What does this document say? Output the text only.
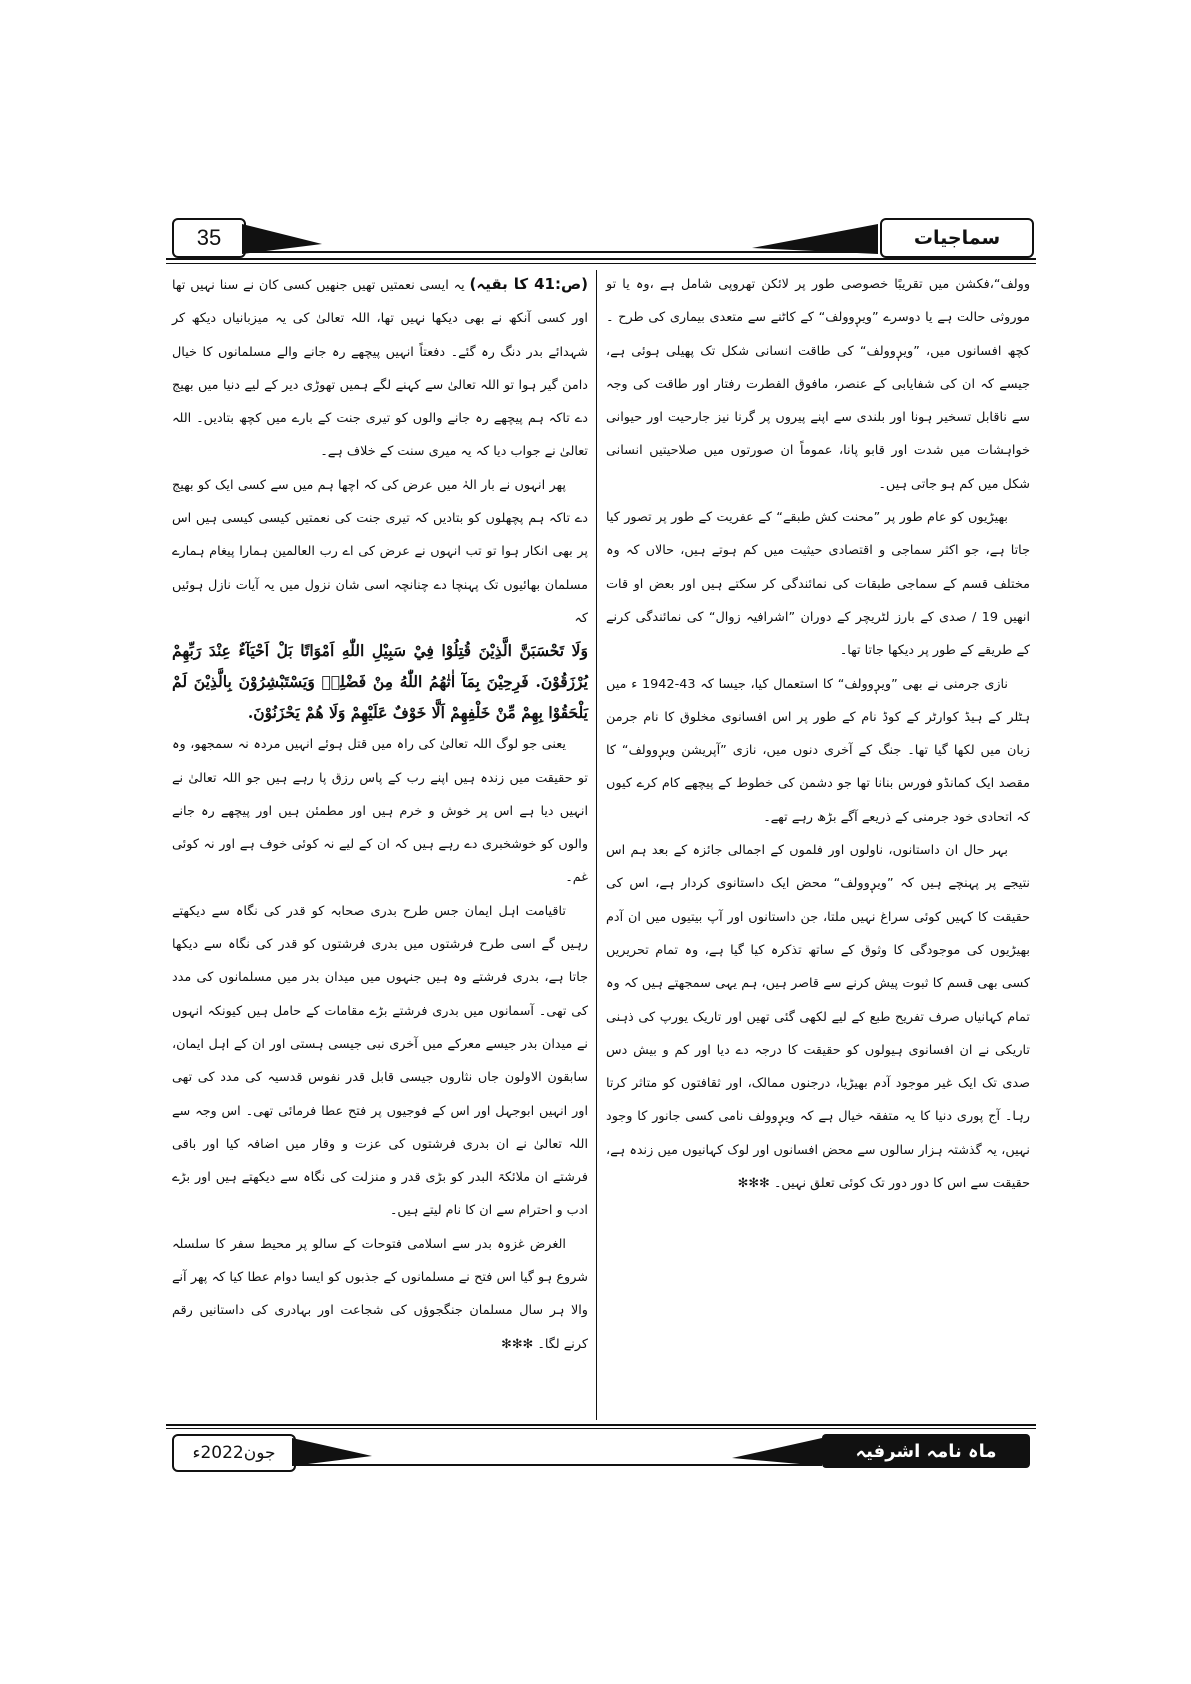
35	سماجیات

وولف“،فکشن میں تقریبًا خصوصی طور پر لائکن تھروپی شامل ہے ،وہ یا تو موروثی حالت ہے یا دوسرے ”ویرٖوولف“ کے کاٹنے سے متعدی بیماری کی طرح ۔کچھ افسانوں میں، ”ویرٖوولف“ کی طاقت انسانی شکل تک پھیلی ہوئی ہے، جیسے کہ ان کی شفایابی کے عنصر، مافوق الفطرت رفتار اور طاقت کی وجہ سے ناقابل تسخیر ہونا اور بلندی سے اپنے پیروں پر گرنا نیز جارحیت اور حیوانی خواہشات میں شدت اور قابو پانا، عموماً ان صورتوں میں صلاحیتیں انسانی شکل میں کم ہو جاتی ہیں۔

بھیڑیوں کو عام طور پر ”محنت کش طبقے“ کے عفریت کے طور پر تصور کیا جاتا ہے، جو اکثر سماجی و اقتصادی حیثیت میں کم ہوتے ہیں، حالاں کہ وہ مختلف قسم کے سماجی طبقات کی نمائندگی کر سکتے ہیں اور بعض او قات انھیں 19 / صدی کے بارز لٹریچر کے دوران ”اشرافیہ زوال“ کی نمائندگی کرنے کے طریقے کے طور پر دیکھا جاتا تھا۔

نازی جرمنی نے بھی ”ویرٖوولف“ کا استعمال کیا، جیسا کہ 43-1942 ء میں ہٹلر کے ہیڈ کوارٹر کے کوڈ نام کے طور پر اس افسانوی مخلوق کا نام جرمن زبان میں لکھا گیا تھا۔ جنگ کے آخری دنوں میں، نازی ”آپریشن ویرٖوولف“ کا مقصد ایک کمانڈو فورس بنانا تھا جو دشمن کی خطوط کے پیچھے کام کرے کیوں کہ اتحادی خود جرمنی کے ذریعے آگے بڑھ رہے تھے۔

بہر حال ان داستانوں، ناولوں اور فلموں کے اجمالی جائزہ کے بعد ہم اس نتیجے پر پہنچے ہیں کہ ”ویرٖوولف“ محض ایک داستانوی کردار ہے، اس کی حقیقت کا کہیں کوئی سراغ نہیں ملتا، جن داستانوں اور آپ بیتیوں میں ان آدم بھیڑیوں کی موجودگی کا وثوق کے ساتھ تذکرہ کیا گیا ہے، وہ تمام تحریریں کسی بھی قسم کا ثبوت پیش کرنے سے قاصر ہیں، ہم یہی سمجھتے ہیں کہ وہ تمام کہانیاں صرف تفریح طبع کے لیے لکھی گئی تھیں اور تاریک یورپ کی ذہنی تاریکی نے ان افسانوی ہیولوں کو حقیقت کا درجہ دے دیا اور کم و بیش دس صدی تک ایک غیر موجود آدم بھیڑیا، درجنوں ممالک، اور ثقافتوں کو متاثر کرتا رہا۔ آج پوری دنیا کا یہ متفقہ خیال ہے کہ ویرٖوولف نامی کسی جانور کا وجود نہیں، یہ گذشتہ ہزار سالوں سے محض افسانوں اور لوک کہانیوں میں زندہ ہے، حقیقت سے اس کا دور دور تک کوئی تعلق نہیں۔ ✻✻✻

(ص:41 کا بقیہ) یہ ایسی نعمتیں تھیں جنھیں کسی کان نے سنا نہیں تھا اور کسی آنکھ نے بھی دیکھا نہیں تھا، اللہ تعالیٰ کی یہ میزبانیاں دیکھ کر شہدائے بدر دنگ رہ گئے۔ دفعتاً انہیں پیچھے رہ جانے والے مسلمانوں کا خیال دامن گیر ہوا تو اللہ تعالیٰ سے کہنے لگے ہمیں تھوڑی دیر کے لیے دنیا میں بھیج دے تاکہ ہم پیچھے رہ جانے والوں کو تیری جنت کے بارے میں کچھ بتادیں۔ اللہ تعالیٰ نے جواب دیا کہ یہ میری سنت کے خلاف ہے۔

پھر انہوں نے بار الہٰ میں عرض کی کہ اچھا ہم میں سے کسی ایک کو بھیج دے تاکہ ہم پچھلوں کو بتادیں کہ تیری جنت کی نعمتیں کیسی کیسی ہیں اس پر بھی انکار ہوا تو تب انہوں نے عرض کی اے رب العالمین ہمارا پیغام ہمارے مسلمان بھائیوں تک پہنچا دے چنانچہ اسی شان نزول میں یہ آیات نازل ہوئیں کہ

وَلَا تَحْسَبَنَّ الَّذِيْنَ قُتِلُوْا فِيْ سَبِيْلِ اللّٰهِ اَمْوَاتًا بَلْ اَحْيَآءٌ عِنْدَ رَبِّهِمْ يُرْزَقُوْنَ. فَرِحِيْنَ بِمَآ اٰتٰهُمُ اللّٰهُ مِنْ فَضْلِهٖ وَيَسْتَبْشِرُوْنَ بِالَّذِيْنَ لَمْ يَلْحَقُوْا بِهِمْ مِّنْ خَلْفِهِمْ اَلَّا خَوْفٌ عَلَيْهِمْ وَلَا هُمْ يَحْزَنُوْنَ.

یعنی جو لوگ اللہ تعالیٰ کی راہ میں قتل ہوئے انہیں مردہ نہ سمجھو، وہ تو حقیقت میں زندہ ہیں اپنے رب کے پاس رزق پا رہے ہیں جو اللہ تعالیٰ نے انہیں دیا ہے اس پر خوش و خرم ہیں اور مطمئن ہیں اور پیچھے رہ جانے والوں کو خوشخبری دے رہے ہیں کہ ان کے لیے نہ کوئی خوف ہے اور نہ کوئی غم۔

تاقیامت اہل ایمان جس طرح بدری صحابہ کو قدر کی نگاہ سے دیکھتے رہیں گے اسی طرح فرشتوں میں بدری فرشتوں کو قدر کی نگاہ سے دیکھا جاتا ہے، بدری فرشتے وہ ہیں جنہوں میں میدان بدر میں مسلمانوں کی مدد کی تھی۔ آسمانوں میں بدری فرشتے بڑے مقامات کے حامل ہیں کیونکہ انہوں نے میدان بدر جیسے معرکے میں آخری نبی جیسی ہستی اور ان کے اہل ایمان، سابقون الاولون جاں نثاروں جیسی قابل قدر نفوس قدسیہ کی مدد کی تھی اور انہیں ابوجہل اور اس کے فوجیوں پر فتح عطا فرمائی تھی۔ اس وجہ سے اللہ تعالیٰ نے ان بدری فرشتوں کی عزت و وقار میں اضافہ کیا اور باقی فرشتے ان ملائکۃ البدر کو بڑی قدر و منزلت کی نگاہ سے دیکھتے ہیں اور بڑے ادب و احترام سے ان کا نام لیتے ہیں۔

الغرض غزوہ بدر سے اسلامی فتوحات کے سالو پر محیط سفر کا سلسلہ شروع ہو گیا اس فتح نے مسلمانوں کے جذبوں کو ایسا دوام عطا کیا کہ پھر آنے والا ہر سال مسلمان جنگجوؤں کی شجاعت اور بہادری کی داستانیں رقم کرنے لگا۔ ✻✻✻

جون2022ء	ماہ نامہ اشرفیہ
